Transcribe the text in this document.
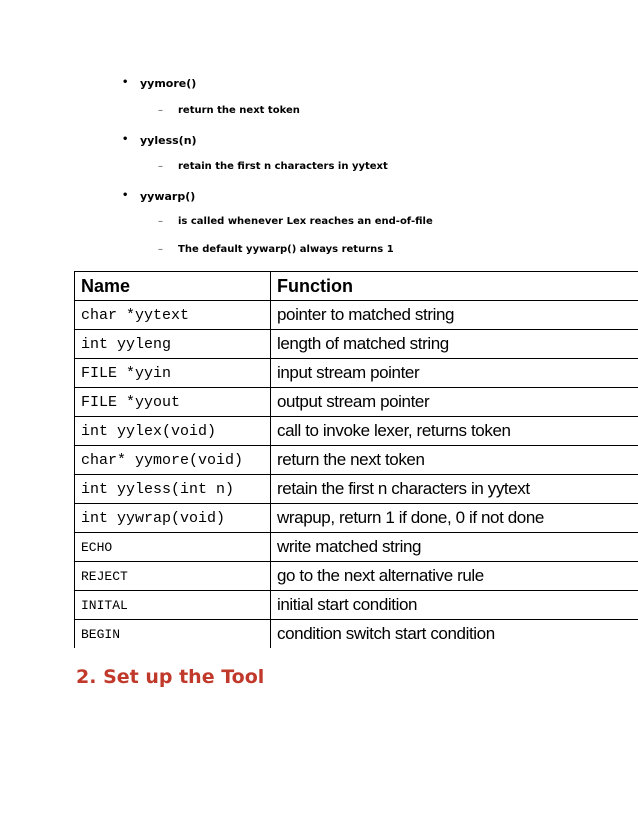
• yymore()
– return the next token
• yyless(n)
– retain the first n characters in yytext
• yywarp()
– is called whenever Lex reaches an end-of-file
– The default yywarp() always returns 1
Name	Function
char *yytext	pointer to matched string
int yyleng	length of matched string
FILE *yyin	input stream pointer
FILE *yyout	output stream pointer
int yylex(void)	call to invoke lexer, returns token
char* yymore(void)	return the next token
int yyless(int n)	retain the first n characters in yytext
int yywrap(void)	wrapup, return 1 if done, 0 if not done
ECHO	write matched string
REJECT	go to the next alternative rule
INITAL	initial start condition
BEGIN	condition switch start condition
2. Set up the Tool
